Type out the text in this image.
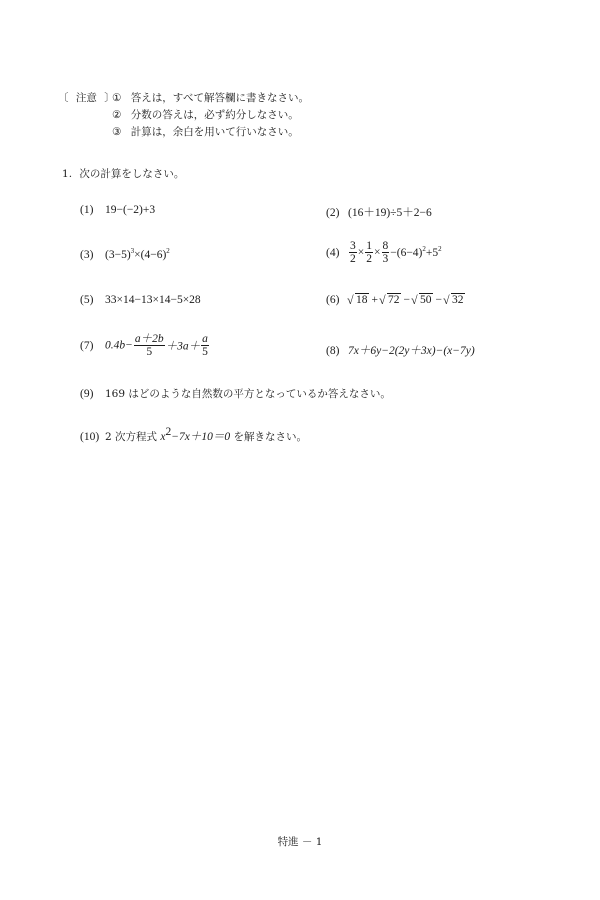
〔 注意 〕
① 答えは，すべて解答欄に書きなさい。
② 分数の答えは，必ず約分しなさい。
③ 計算は，余白を用いて行いなさい。
1. 次の計算をしなさい。
(1) 19−(−2)+3	(2) (16＋19)÷5＋2−6
(3) $(3-5)^3\times(4-6)^2$	$(4) \frac{3}{2} \times \frac{1}{2} \times \frac{8}{3} -(6-4)^2+5^2$
(5) 33×14−13×14−5×28	(6) √ 18 + √ 72 − √ 50 − √ 32
(7) $0.4b- \frac{a+2b}{5} +3a+ \frac{a}{5}$	(8) 7x＋6y−2(2y＋3x)−(x−7y)
(9) 169 はどのような自然数の平方となっているか答えなさい。
(10) 2 次方程式 $x^2-7x+10=0$ を解きなさい。
特進 － 1
